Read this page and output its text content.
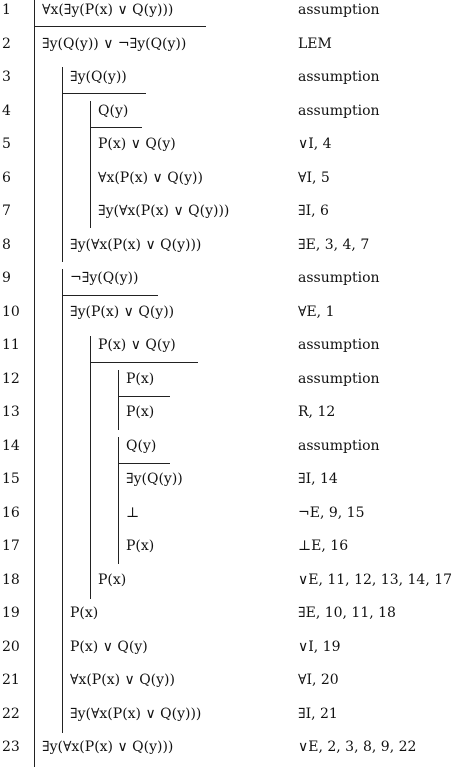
1 ∀x(∃y(P(x) ∨ Q(y)))	assumption
2 ∃y(Q(y)) ∨ ¬∃y(Q(y))	LEM
3	∃y(Q(y))	assumption
4	Q(y)	assumption
5	P(x) ∨ Q(y)	∨I, 4
6	∀x(P(x) ∨ Q(y))	∀I, 5
7	∃y(∀x(P(x) ∨ Q(y)))	∃I, 6
8	∃y(∀x(P(x) ∨ Q(y)))	∃E, 3, 4, 7
9	¬∃y(Q(y))	assumption
10	∃y(P(x) ∨ Q(y))	∀E, 1
11	P(x) ∨ Q(y)	assumption
12	P(x)	assumption
13	P(x)	R, 12
14	Q(y)	assumption
15	∃y(Q(y))	∃I, 14
16	⊥	¬E, 9, 15
17	P(x)	⊥E, 16
18	P(x)	∨E, 11, 12, 13, 14, 17
19	P(x)	∃E, 10, 11, 18
20	P(x) ∨ Q(y)	∨I, 19
21	∀x(P(x) ∨ Q(y))	∀I, 20
22	∃y(∀x(P(x) ∨ Q(y)))	∃I, 21
23 ∃y(∀x(P(x) ∨ Q(y)))	∨E, 2, 3, 8, 9, 22
